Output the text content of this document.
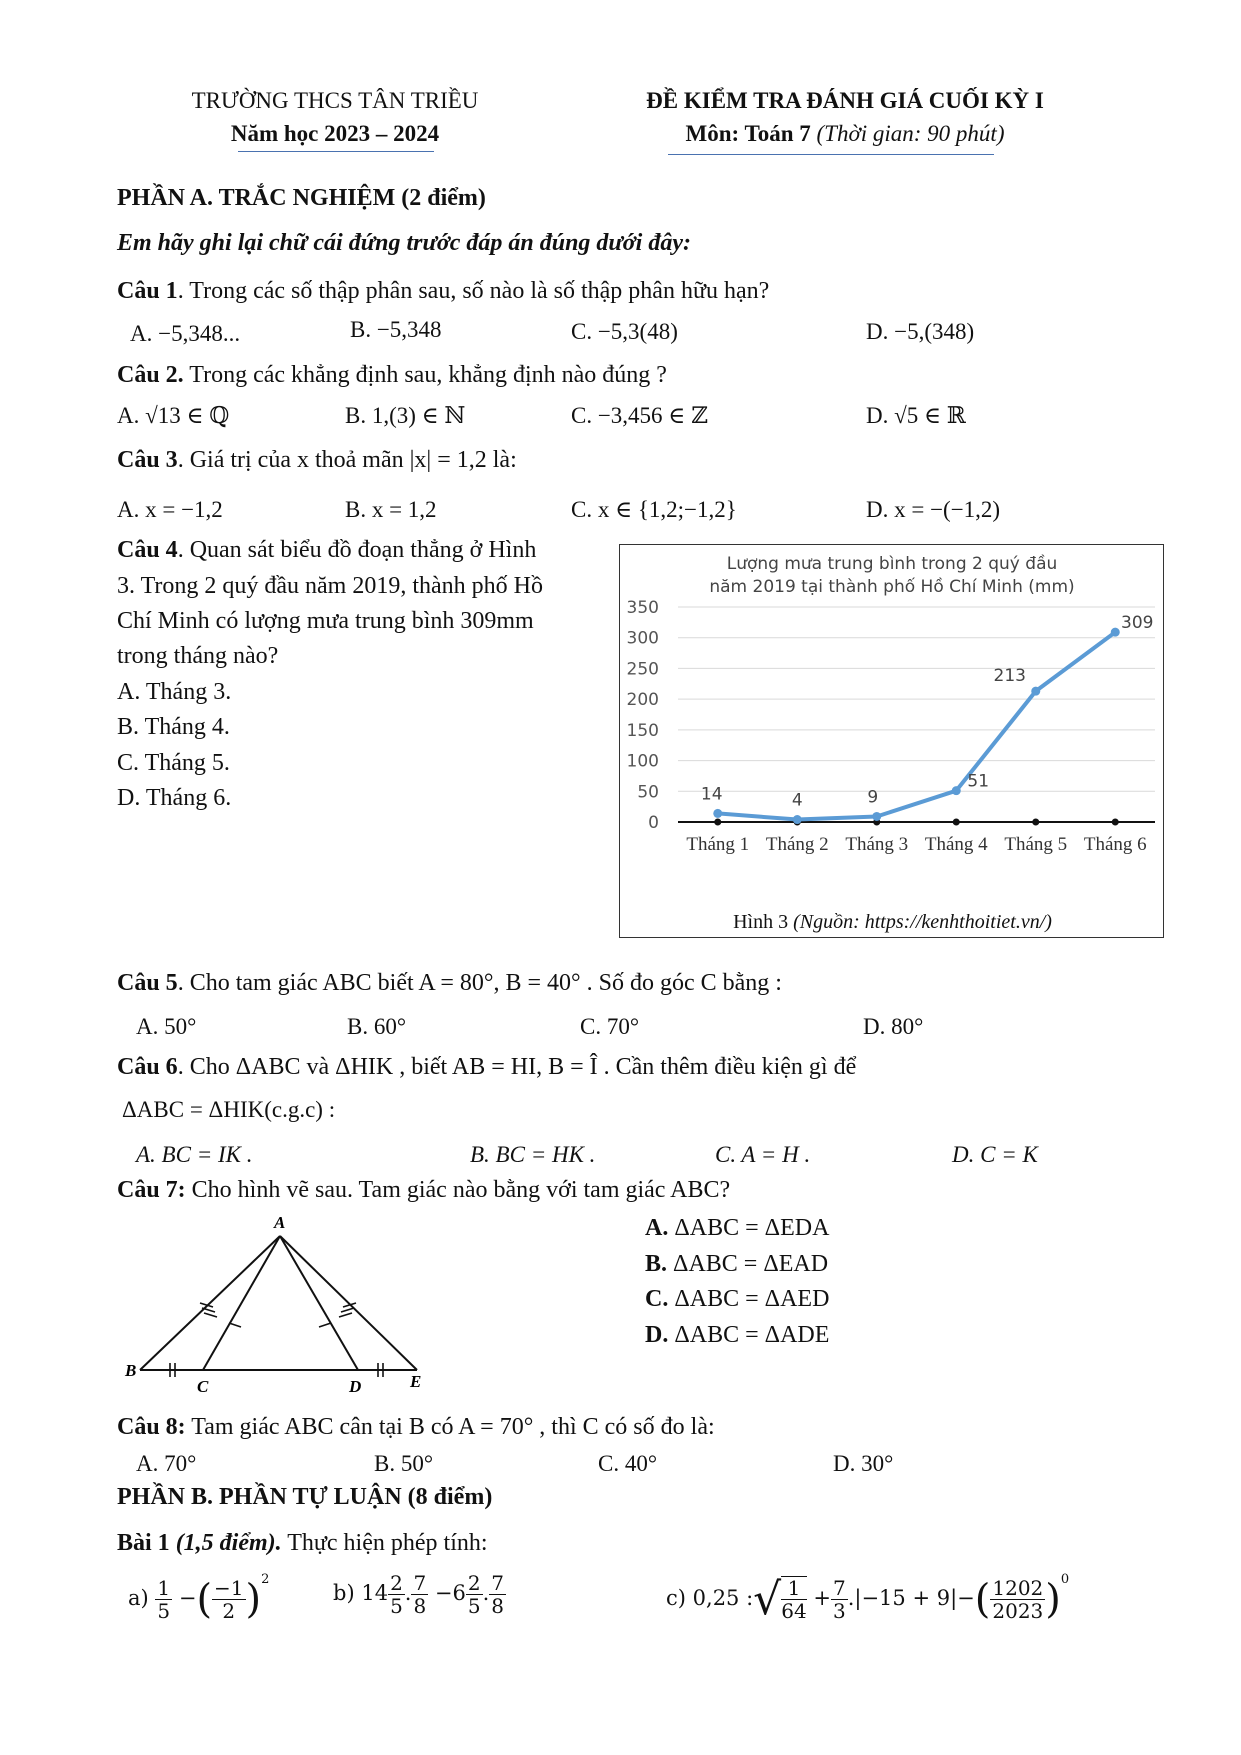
TRƯỜNG THCS TÂN TRIỀU
Năm học 2023 – 2024
ĐỀ KIỂM TRA ĐÁNH GIÁ CUỐI KỲ I
Môn: Toán 7 (Thời gian: 90 phút)
PHẦN A. TRẮC NGHIỆM (2 điểm)
Em hãy ghi lại chữ cái đứng trước đáp án đúng dưới đây:
Câu 1. Trong các số thập phân sau, số nào là số thập phân hữu hạn?
A. −5,348...	B. −5,348	C. −5,3(48)	D. −5,(348)
Câu 2. Trong các khẳng định sau, khẳng định nào đúng ?
A. √13 ∈ ℚ	B. 1,(3) ∈ ℕ	C. −3,456 ∈ ℤ	D. √5 ∈ ℝ
Câu 3. Giá trị của x thoả mãn |x| = 1,2 là:
A. x = −1,2	B. x = 1,2	C. x ∈ {1,2;−1,2}	D. x = −(−1,2)
Câu 4. Quan sát biểu đồ đoạn thẳng ở Hình
3. Trong 2 quý đầu năm 2019, thành phố Hồ
Chí Minh có lượng mưa trung bình 309mm
trong tháng nào?
A. Tháng 3.
B. Tháng 4.
C. Tháng 5.
D. Tháng 6.
Lượng mưa trung bình trong 2 quý đầu
năm 2019 tại thành phố Hồ Chí Minh (mm)
0
50
100
150
200
250
300
350
Tháng 1 Tháng 2 Tháng 3 Tháng 4 Tháng 5 Tháng 6
14	4	9
51
213
309
Hình 3 (Nguồn: https://kenhthoitiet.vn/)
Câu 5. Cho tam giác ABC biết A = 80°, B = 40° . Số đo góc C bằng :
A. 50°	B. 60°	C. 70°	D. 80°
Câu 6. Cho ΔABC và ΔHIK , biết AB = HI, B = Î . Cần thêm điều kiện gì để
ΔABC = ΔHIK(c.g.c) :
A. BC = IK .	B. BC = HK .	C. A = H .	D. C = K
Câu 7: Cho hình vẽ sau. Tam giác nào bằng với tam giác ABC?
A
B
C	D	E
A. ΔABC = ΔEDA
B. ΔABC = ΔEAD
C. ΔABC = ΔAED
D. ΔABC = ΔADE
Câu 8: Tam giác ABC cân tại B có A = 70° , thì C có số đo là:
A. 70°	B. 50°	C. 40°	D. 30°
PHẦN B. PHẦN TỰ LUẬN (8 điểm)
Bài 1 (1,5 điểm). Thực hiện phép tính:
$a) \frac{1}{5}$ −( $\frac{-1}{2} )^2$
b) $14 \frac{2}{5}$ . $\frac{7}{8} -6 \frac{2}{5}$ . $\frac{7}{8}$	c) 0,25 :√ $\frac{1}{64} + \frac{7}{3} .|-15 + 9|-( \frac{1202}{2023} )^0$
